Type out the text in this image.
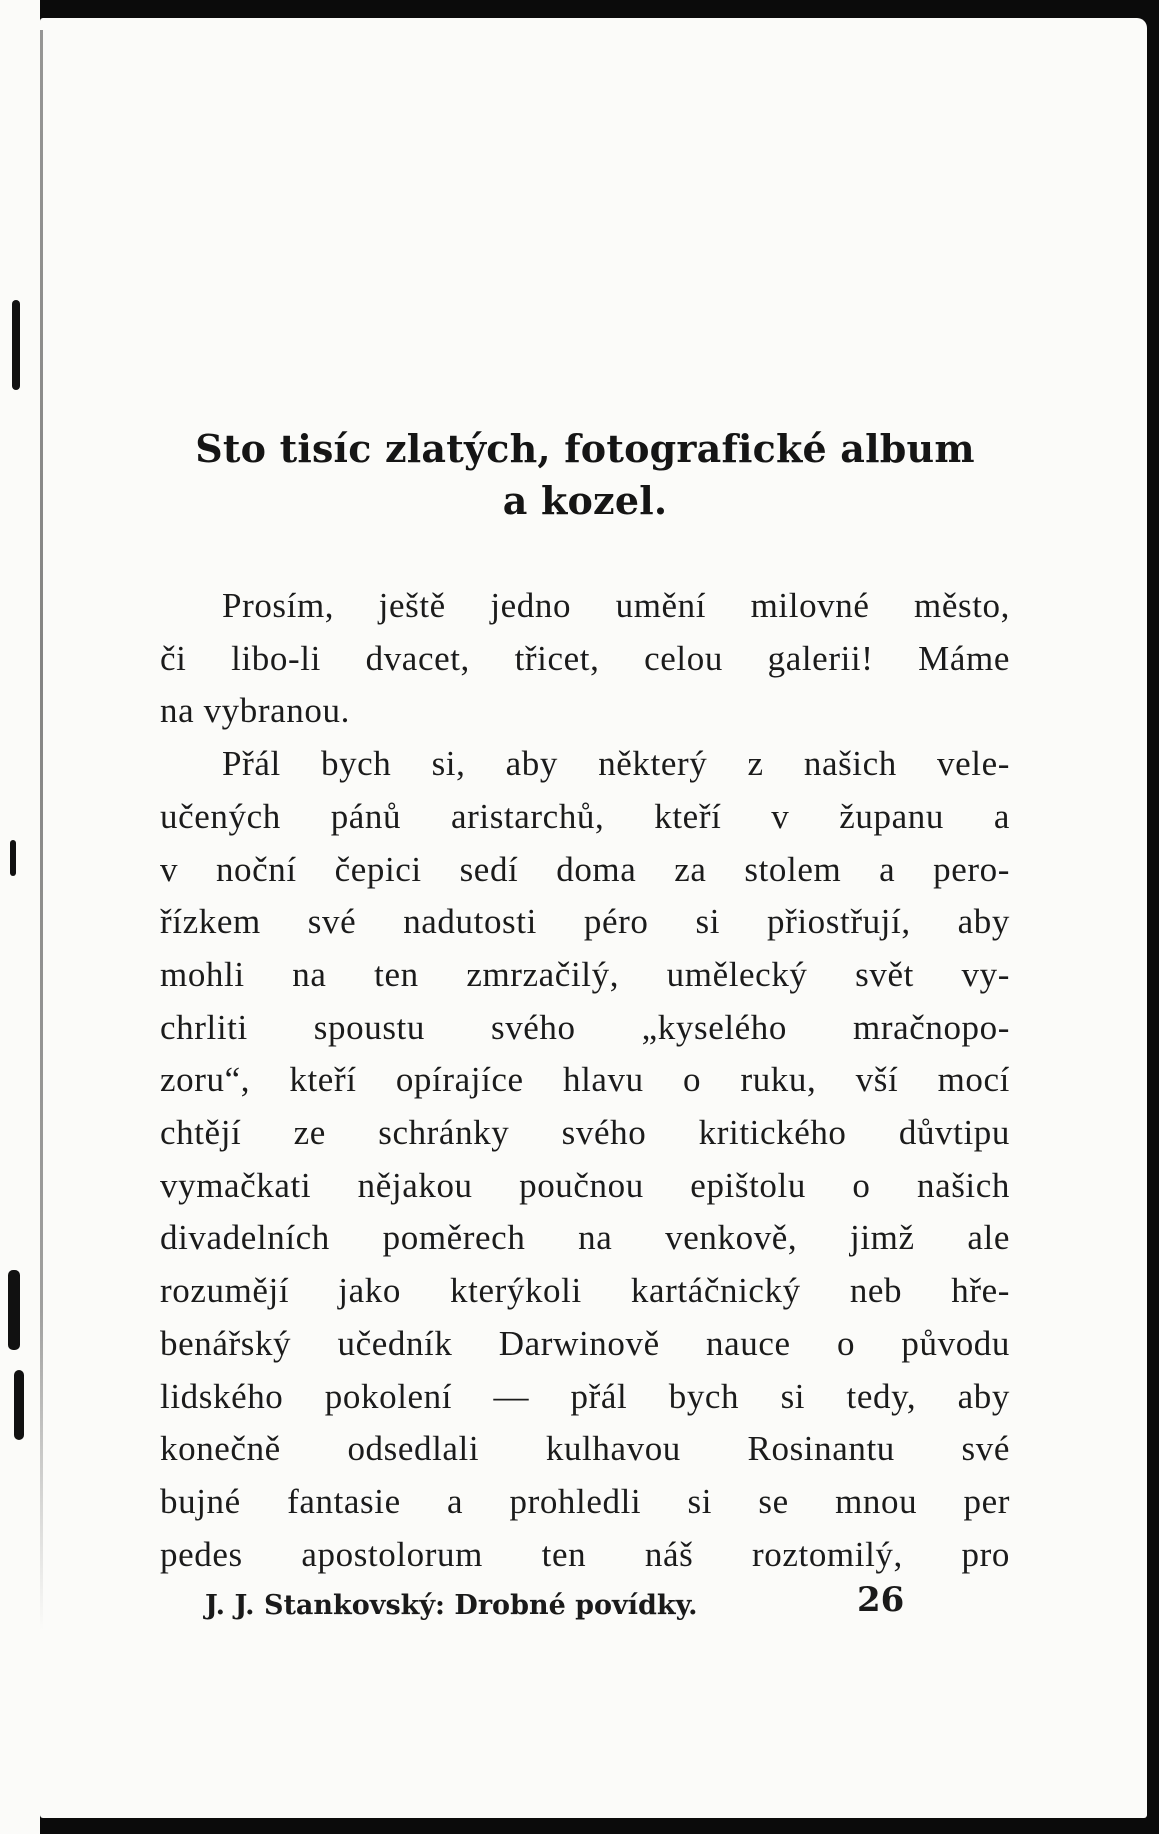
Sto tisíc zlatých, fotografické album
a kozel.
Prosím, ještě jedno umění milovné město,
či libo-li dvacet, třicet, celou galerii! Máme
na vybranou.
Přál bych si, aby některý z našich vele-
učených pánů aristarchů, kteří v županu a
v noční čepici sedí doma za stolem a pero-
řízkem své nadutosti péro si přiostřují, aby
mohli na ten zmrzačilý, umělecký svět vy-
chrliti spoustu svého „kyselého mračnopo-
zoru“, kteří opírajíce hlavu o ruku, vší mocí
chtějí ze schránky svého kritického důvtipu
vymačkati nějakou poučnou epištolu o našich
divadelních poměrech na venkově, jimž ale
rozumějí jako kterýkoli kartáčnický neb hře-
benářský učedník Darwinově nauce o původu
lidského pokolení — přál bych si tedy, aby
konečně odsedlali kulhavou Rosinantu své
bujné fantasie a prohledli si se mnou per
pedes apostolorum ten náš roztomilý, pro
J. J. Stankovský: Drobné povídky.	26
